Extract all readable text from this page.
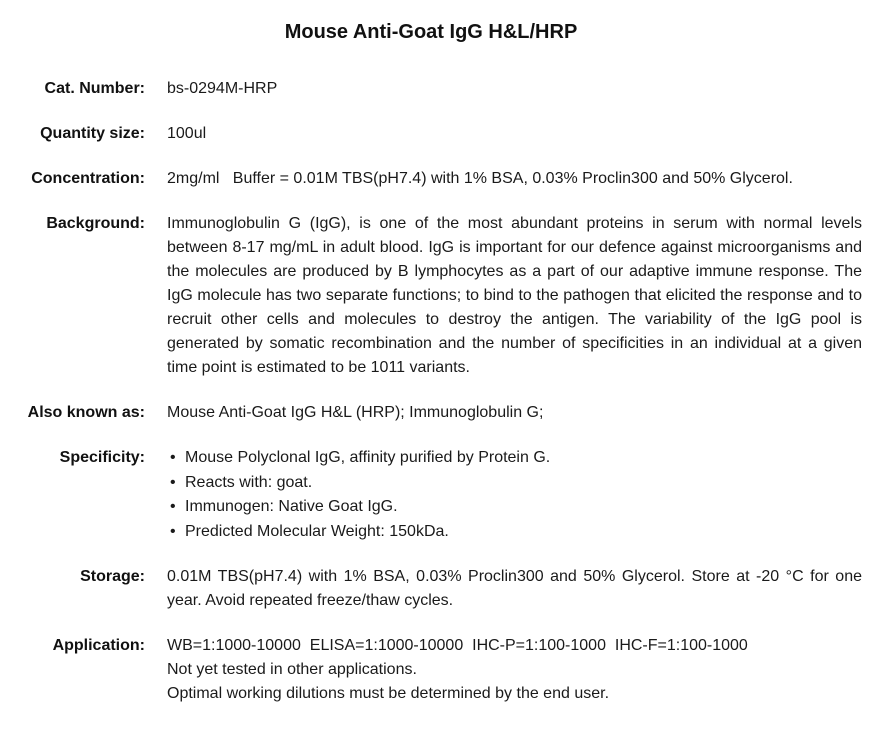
Mouse Anti-Goat IgG H&L/HRP
Cat. Number: bs-0294M-HRP
Quantity size: 100ul
Concentration: 2mg/ml   Buffer = 0.01M TBS(pH7.4) with 1% BSA, 0.03% Proclin300 and 50% Glycerol.
Background: Immunoglobulin G (IgG), is one of the most abundant proteins in serum with normal levels between 8-17 mg/mL in adult blood. IgG is important for our defence against microorganisms and the molecules are produced by B lymphocytes as a part of our adaptive immune response. The IgG molecule has two separate functions; to bind to the pathogen that elicited the response and to recruit other cells and molecules to destroy the antigen. The variability of the IgG pool is generated by somatic recombination and the number of specificities in an individual at a given time point is estimated to be 1011 variants.
Also known as: Mouse Anti-Goat IgG H&L (HRP); Immunoglobulin G;
Specificity: • Mouse Polyclonal IgG, affinity purified by Protein G.
• Reacts with: goat.
• Immunogen: Native Goat IgG.
• Predicted Molecular Weight: 150kDa.
Storage: 0.01M TBS(pH7.4) with 1% BSA, 0.03% Proclin300 and 50% Glycerol. Store at -20 °C for one year. Avoid repeated freeze/thaw cycles.
Application: WB=1:1000-10000  ELISA=1:1000-10000  IHC-P=1:100-1000  IHC-F=1:100-1000
Not yet tested in other applications.
Optimal working dilutions must be determined by the end user.
